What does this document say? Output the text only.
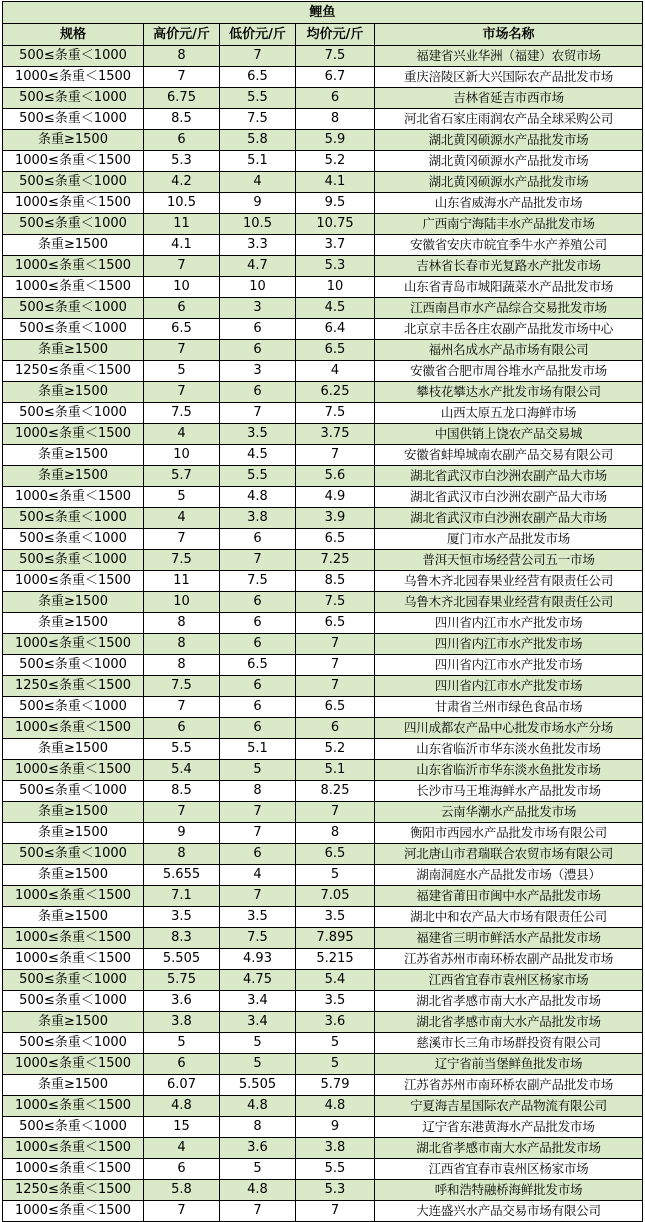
鲤鱼				
规格	高价元/斤	低价元/斤	均价元/斤	市场名称
500≤条重＜1000	8	7	7.5	福建省兴业华洲（福建）农贸市场
1000≤条重＜1500	7	6.5	6.7	重庆涪陵区新大兴国际农产品批发市场
500≤条重＜1000	6.75	5.5	6	吉林省延吉市西市场
500≤条重＜1000	8.5	7.5	8	河北省石家庄雨润农产品全球采购公司
条重≥1500	6	5.8	5.9	湖北黄冈硕源水产品批发市场
1000≤条重＜1500	5.3	5.1	5.2	湖北黄冈硕源水产品批发市场
500≤条重＜1000	4.2	4	4.1	湖北黄冈硕源水产品批发市场
1000≤条重＜1500	10.5	9	9.5	山东省威海水产品批发市场
500≤条重＜1000	11	10.5	10.75	广西南宁海陆丰水产品批发市场
条重≥1500	4.1	3.3	3.7	安徽省安庆市皖宜季牛水产养殖公司
1000≤条重＜1500	7	4.7	5.3	吉林省长春市光复路水产批发市场
1000≤条重＜1500	10	10	10	山东省青岛市城阳蔬菜水产品批发市场
500≤条重＜1000	6	3	4.5	江西南昌市水产品综合交易批发市场
500≤条重＜1000	6.5	6	6.4	北京京丰岳各庄农副产品批发市场中心
条重≥1500	7	6	6.5	福州名成水产品市场有限公司
1250≤条重＜1500	5	3	4	安徽省合肥市周谷堆水产品批发市场
条重≥1500	7	6	6.25	攀枝花攀达水产批发市场有限公司
500≤条重＜1000	7.5	7	7.5	山西太原五龙口海鲜市场
1000≤条重＜1500	4	3.5	3.75	中国供销上饶农产品交易城
条重≥1500	10	4.5	7	安徽省蚌埠城南农副产品交易有限公司
条重≥1500	5.7	5.5	5.6	湖北省武汉市白沙洲农副产品大市场
1000≤条重＜1500	5	4.8	4.9	湖北省武汉市白沙洲农副产品大市场
500≤条重＜1000	4	3.8	3.9	湖北省武汉市白沙洲农副产品大市场
500≤条重＜1000	7	6	6.5	厦门市水产品批发市场
500≤条重＜1000	7.5	7	7.25	普洱天恒市场经营公司五一市场
1000≤条重＜1500	11	7.5	8.5	乌鲁木齐北园春果业经营有限责任公司
条重≥1500	10	6	7.5	乌鲁木齐北园春果业经营有限责任公司
条重≥1500	8	6	6.5	四川省内江市水产批发市场
1000≤条重＜1500	8	6	7	四川省内江市水产批发市场
500≤条重＜1000	8	6.5	7	四川省内江市水产批发市场
1250≤条重＜1500	7.5	6	7	四川省内江市水产批发市场
500≤条重＜1000	7	6	6.5	甘肃省兰州市绿色食品市场
1000≤条重＜1500	6	6	6	四川成都农产品中心批发市场水产分场
条重≥1500	5.5	5.1	5.2	山东省临沂市华东淡水鱼批发市场
1000≤条重＜1500	5.4	5	5.1	山东省临沂市华东淡水鱼批发市场
500≤条重＜1000	8.5	8	8.25	长沙市马王堆海鲜水产品批发市场
条重≥1500	7	7	7	云南华潮水产品批发市场
条重≥1500	9	7	8	衡阳市西园水产品批发市场有限公司
500≤条重＜1000	8	6	6.5	河北唐山市君瑞联合农贸市场有限公司
条重≥1500	5.655	4	5	湖南洞庭水产品批发市场（澧县）
1000≤条重＜1500	7.1	7	7.05	福建省莆田市闽中水产品批发市场
条重≥1500	3.5	3.5	3.5	湖北中和农产品大市场有限责任公司
1000≤条重＜1500	8.3	7.5	7.895	福建省三明市鲜活水产品批发市场
1000≤条重＜1500	5.505	4.93	5.215	江苏省苏州市南环桥农副产品批发市场
500≤条重＜1000	5.75	4.75	5.4	江西省宜春市袁州区杨家市场
500≤条重＜1000	3.6	3.4	3.5	湖北省孝感市南大水产品批发市场
条重≥1500	3.8	3.4	3.6	湖北省孝感市南大水产品批发市场
500≤条重＜1000	5	5	5	慈溪市长三角市场群投资有限公司
1000≤条重＜1500	6	5	5	辽宁省前当堡鲜鱼批发市场
条重≥1500	6.07	5.505	5.79	江苏省苏州市南环桥农副产品批发市场
1000≤条重＜1500	4.8	4.8	4.8	宁夏海吉星国际农产品物流有限公司
500≤条重＜1000	15	8	9	辽宁省东港黄海水产品批发市场
1000≤条重＜1500	4	3.6	3.8	湖北省孝感市南大水产品批发市场
1000≤条重＜1500	6	5	5.5	江西省宜春市袁州区杨家市场
1250≤条重＜1500	5.8	4.8	5.3	呼和浩特融桥海鲜批发市场
1000≤条重＜1500	7	7	7	大连盛兴水产品交易市场有限公司
